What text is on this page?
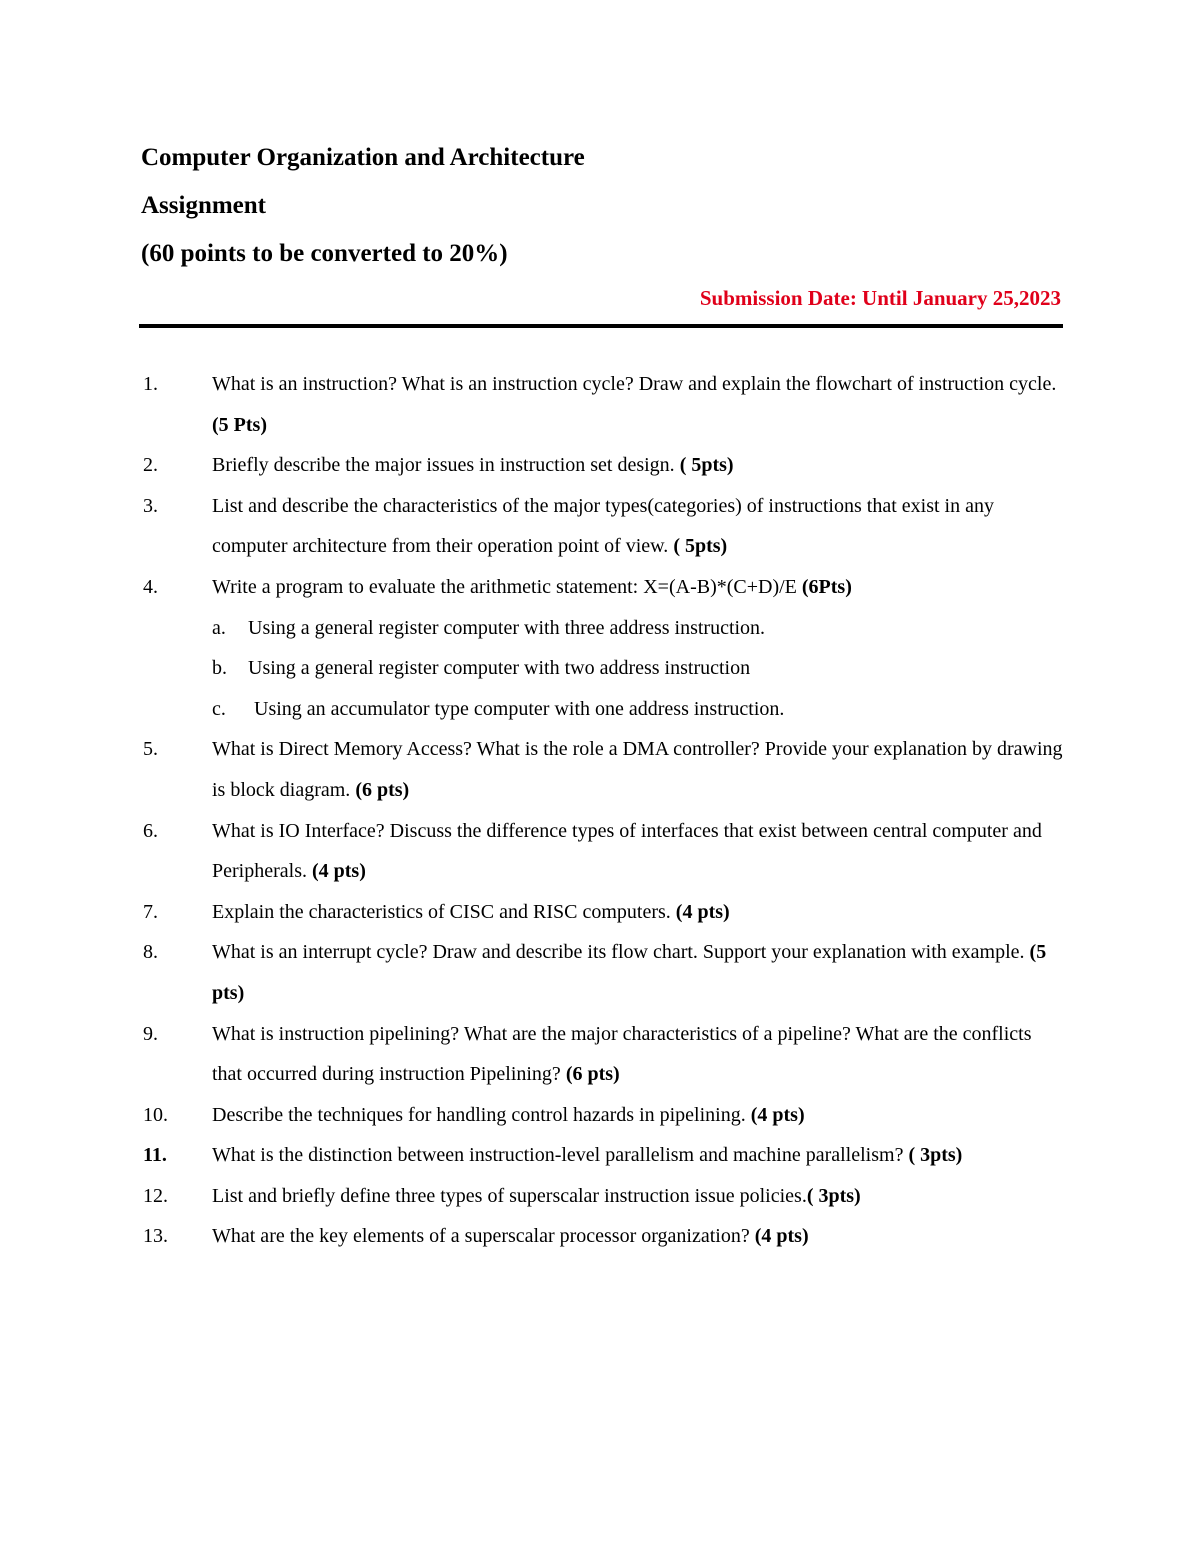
Computer Organization and Architecture
Assignment
(60 points to be converted to 20%)
Submission Date: Until January 25,2023
1.	What is an instruction? What is an instruction cycle? Draw and explain the flowchart of instruction cycle. (5 Pts)
2.	Briefly describe the major issues in instruction set design. ( 5pts)
3.	List and describe the characteristics of the major types(categories) of instructions that exist in any computer architecture from their operation point of view. ( 5pts)
4.	Write a program to evaluate the arithmetic statement: X=(A-B)*(C+D)/E (6Pts)
a. Using a general register computer with three address instruction.
b. Using a general register computer with two address instruction
c. Using an accumulator type computer with one address instruction.
5.	What is Direct Memory Access? What is the role a DMA controller? Provide your explanation by drawing is block diagram. (6 pts)
6.	What is IO Interface? Discuss the difference types of interfaces that exist between central computer and Peripherals. (4 pts)
7.	Explain the characteristics of CISC and RISC computers. (4 pts)
8.	What is an interrupt cycle? Draw and describe its flow chart. Support your explanation with example. (5 pts)
9.	What is instruction pipelining? What are the major characteristics of a pipeline? What are the conflicts that occurred during instruction Pipelining? (6 pts)
10. Describe the techniques for handling control hazards in pipelining. (4 pts)
11. What is the distinction between instruction-level parallelism and machine parallelism? ( 3pts)
12. List and briefly define three types of superscalar instruction issue policies.( 3pts)
13. What are the key elements of a superscalar processor organization? (4 pts)
